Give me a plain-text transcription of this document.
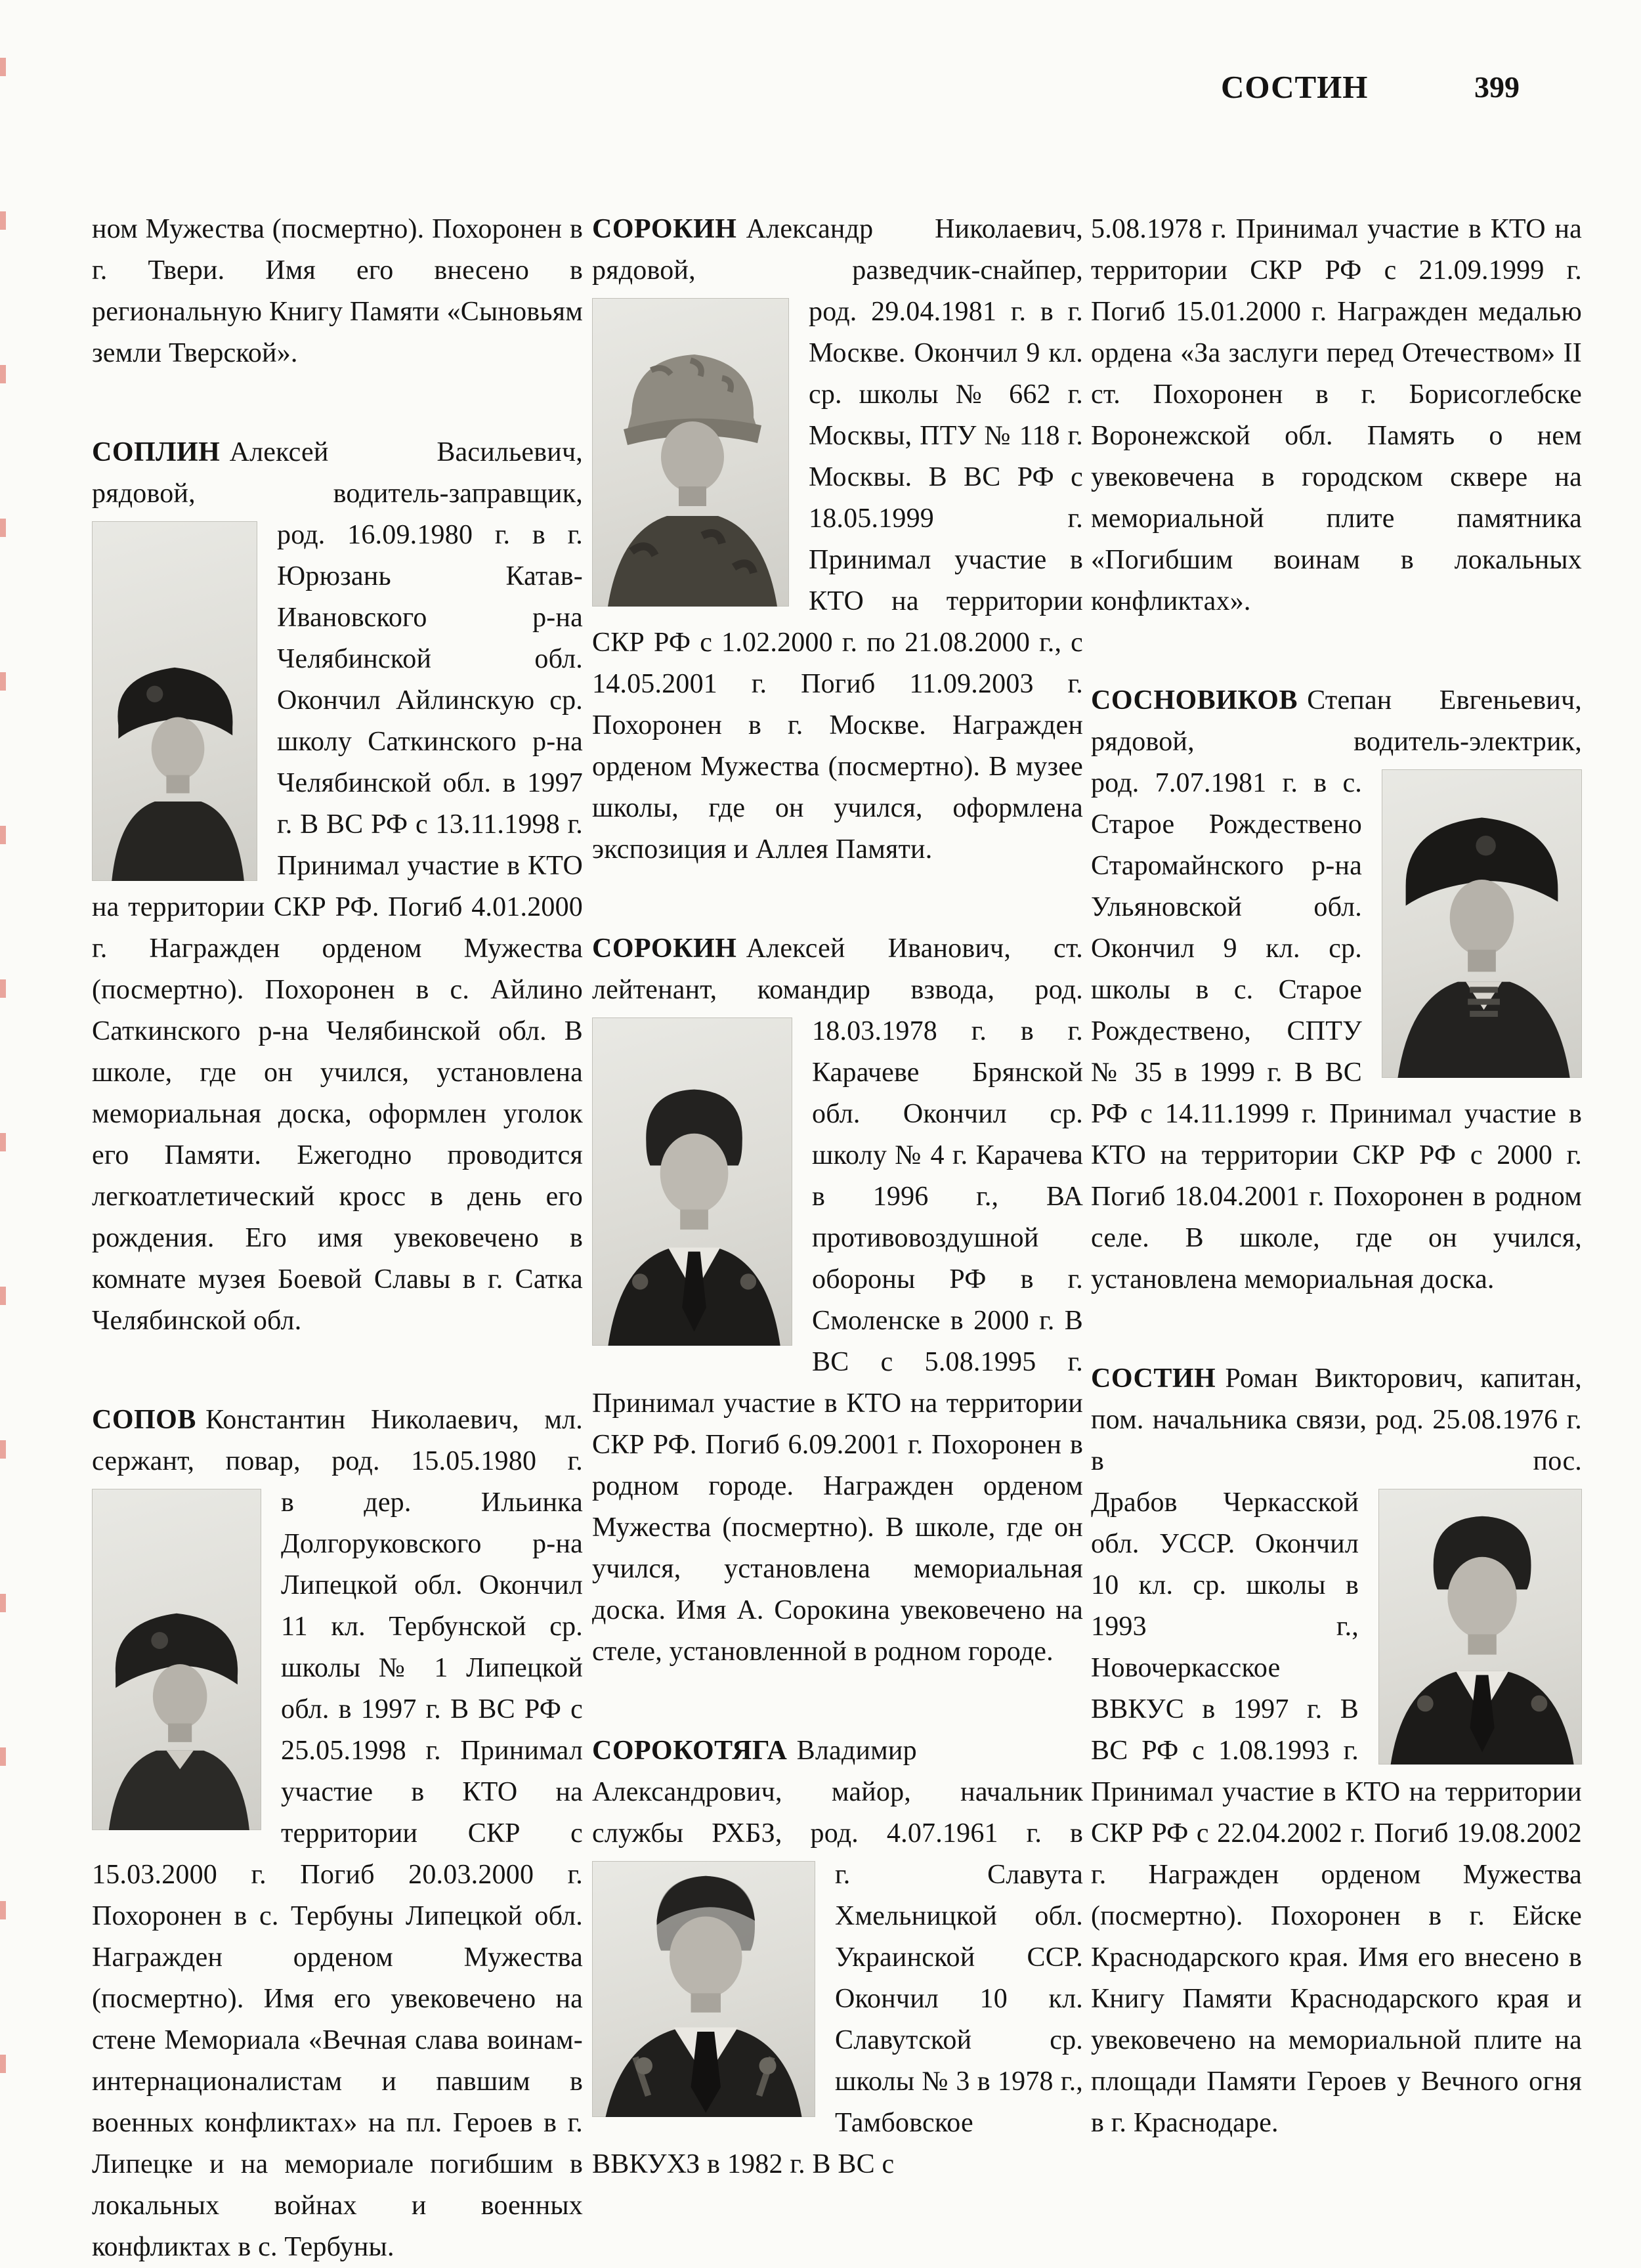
СОСТИН	399

ном Мужества (посмертно). Похоронен в г. Твери. Имя его внесено в региональную Книгу Памяти «Сыновьям земли Тверской».

СОПЛИН Алексей Васильевич, рядовой, водитель-заправщик,

род. 16.09.1980 г. в г. Юрюзань Катав-Ивановского р-на Челябинской обл. Окончил Айлинскую ср. школу Саткинского р-на Челябинской обл. в 1997 г. В ВС РФ с 13.11.1998 г. Принимал участие в КТО на территории СКР РФ. Погиб 4.01.2000 г. Награжден орденом Мужества (посмертно). Похоронен в с. Айлино Саткинского р-на Челябинской обл. В школе, где он учился, установлена мемориальная доска, оформлен уголок его Памяти. Ежегодно проводится легкоатлетический кросс в день его рождения. Его имя увековечено в комнате музея Боевой Славы в г. Сатка Челябинской обл.

СОПОВ Константин Николаевич, мл. сержант, повар, род. 15.05.1980 г.

в дер. Ильинка Долгоруковского р-на Липецкой обл. Окончил 11 кл. Тербунской ср. школы № 1 Липецкой обл. в 1997 г. В ВС РФ с 25.05.1998 г. Принимал участие в КТО на территории СКР с 15.03.2000 г. Погиб 20.03.2000 г. Похоронен в с. Тербуны Липецкой обл. Награжден орденом Мужества (посмертно). Имя его увековечено на стене Мемориала «Вечная слава воинам-интернационалистам и павшим в военных конфликтах» на пл. Героев в г. Липецке и на мемориале погибшим в локальных войнах и военных конфликтах в с. Тербуны.

СОРОКИН Александр Николаевич, рядовой, разведчик-снайпер,

род. 29.04.1981 г. в г. Москве. Окончил 9 кл. ср. школы № 662 г. Москвы, ПТУ № 118 г. Москвы. В ВС РФ с 18.05.1999 г. Принимал участие в КТО на территории СКР РФ с 1.02.2000 г. по 21.08.2000 г., с 14.05.2001 г. Погиб 11.09.2003 г. Похоронен в г. Москве. Награжден орденом Мужества (посмертно). В музее школы, где он учился, оформлена экспозиция и Аллея Памяти.

СОРОКИН Алексей Иванович, ст. лейтенант, командир взвода, род.

18.03.1978 г. в г. Карачеве Брянской обл. Окончил ср. школу № 4 г. Карачева в 1996 г., ВА противовоздушной обороны РФ в г. Смоленске в 2000 г. В ВС с 5.08.1995 г. Принимал участие в КТО на территории СКР РФ. Погиб 6.09.2001 г. Похоронен в родном городе. Награжден орденом Мужества (посмертно). В школе, где он учился, установлена мемориальная доска. Имя А. Сорокина увековечено на стеле, установленной в родном городе.

СОРОКОТЯГА Владимир Александрович, майор, начальник службы РХБЗ, род. 4.07.1961 г. в

г. Славута Хмельницкой обл. Украинской ССР. Окончил 10 кл. Славутской ср. школы № 3 в 1978 г., Тамбовское ВВКУХЗ в 1982 г. В ВС с

5.08.1978 г. Принимал участие в КТО на территории СКР РФ с 21.09.1999 г. Погиб 15.01.2000 г. Награжден медалью ордена «За заслуги перед Отечеством» II ст. Похоронен в г. Борисоглебске Воронежской обл. Память о нем увековечена в городском сквере на мемориальной плите памятника «Погибшим воинам в локальных конфликтах».

СОСНОВИКОВ Степан Евгеньевич, рядовой, водитель-электрик,

род. 7.07.1981 г. в с. Старое Рождествено Старомайнского р-на Ульяновской обл. Окончил 9 кл. ср. школы в с. Старое Рождествено, СПТУ № 35 в 1999 г. В ВС РФ с 14.11.1999 г. Принимал участие в КТО на территории СКР РФ с 2000 г. Погиб 18.04.2001 г. Похоронен в родном селе. В школе, где он учился, установлена мемориальная доска.

СОСТИН Роман Викторович, капитан, пом. начальника связи, род. 25.08.1976 г. в пос.

Драбов Черкасской обл. УССР. Окончил 10 кл. ср. школы в 1993 г., Новочеркасское ВВКУС в 1997 г. В ВС РФ с 1.08.1993 г. Принимал участие в КТО на территории СКР РФ с 22.04.2002 г. Погиб 19.08.2002 г. Награжден орденом Мужества (посмертно). Похоронен в г. Ейске Краснодарского края. Имя его внесено в Книгу Памяти Краснодарского края и увековечено на мемориальной плите на площади Памяти Героев у Вечного огня в г. Краснодаре.
